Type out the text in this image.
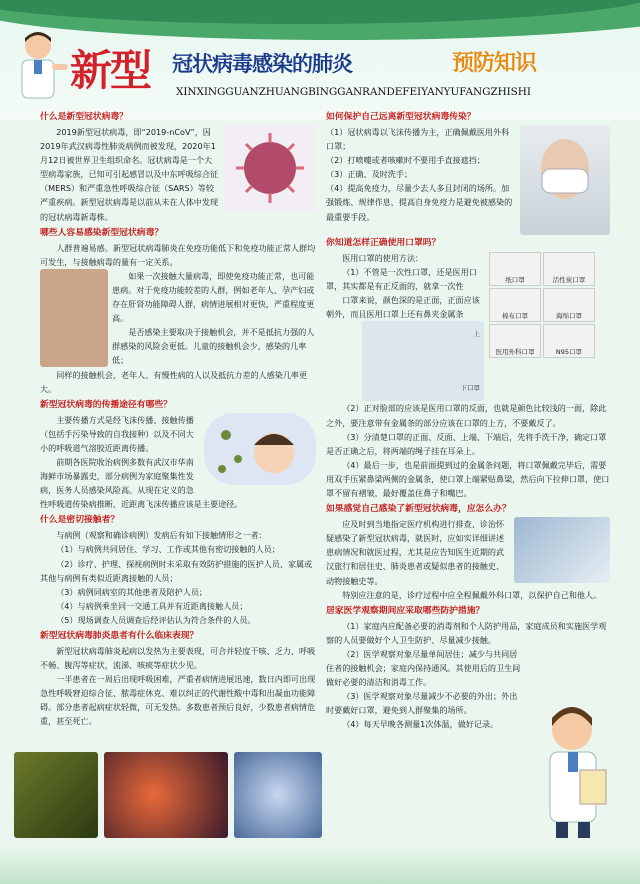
新型 冠状病毒感染的肺炎	预防知识
XINXINGGUANZHUANGBINGGANRANDEFEIYANYUFANGZHISHI
什么是新型冠状病毒？

2019新型冠状病毒，即“2019-nCoV”，因2019年武汉病毒性肺炎病例而被发现，2020年1月12日被世界卫生组织命名。冠状病毒是一个大型病毒家族，已知可引起感冒以及中东呼吸综合征（MERS）和严重急性呼吸综合征（SARS）等较严重疾病。新型冠状病毒是以前从未在人体中发现的冠状病毒新毒株。

哪些人容易感染新型冠状病毒？

人群普遍易感。新型冠状病毒肺炎在免疫功能低下和免疫功能正常人群均可发生，与接触病毒的量有一定关系。

如果一次接触大量病毒，即使免疫功能正常，也可能患病。对于免疫功能较差的人群，例如老年人、孕产妇或存在肝肾功能障碍人群，病情进展相对更快，严重程度更高。

是否感染主要取决于接触机会，并不是抵抗力强的人群感染的风险会更低。儿童的接触机会少，感染的几率低；

同样的接触机会，老年人、有慢性病的人以及抵抗力差的人感染几率更大。

新型冠状病毒的传播途径有哪些？

主要传播方式是经飞沫传播、接触传播（包括手污染导致的自我接种）以及不同大小的呼吸道气溶胶近距离传播。

前期各医院收治病例多数有武汉市华南海鲜市场暴露史，部分病例为家庭聚集性发病，医务人员感染风险高。从现在定义的急性呼吸道传染病推断，近距离飞沫传播应该是主要途径。

什么是密切接触者？

与病例（观察和确诊病例）发病后有如下接触情形之一者：

（1）与病例共同居住、学习、工作或其他有密切接触的人员；

（2）诊疗、护理、探视病例时未采取有效防护措施的医护人员、家属或其他与病例有类似近距离接触的人员；

（3）病例同病室的其他患者及陪护人员；

（4）与病例乘坐同一交通工具并有近距离接触人员；

（5）现场调查人员调查后经评估认为符合条件的人员。

新型冠状病毒肺炎患者有什么临床表现？

新型冠状病毒肺炎起病以发热为主要表现，可合并轻度干咳、乏力、呼吸不畅、腹泻等症状，流涕、咳痰等症状少见。

一半患者在一周后出现呼吸困难，严重者病情进展迅速，数日内即可出现急性呼吸窘迫综合征、脓毒症休克、难以纠正的代谢性酸中毒和出凝血功能障碍。部分患者起病症状轻微，可无发热。多数患者预后良好，少数患者病情危重，甚至死亡。

如何保护自己远离新型冠状病毒传染？

（1）冠状病毒以飞沫传播为主，正确佩戴医用外科口罩；

（2）打喷嚏或者咳嗽时不要用手直接遮挡；

（3）正确、及时洗手；

（4）提高免疫力，尽量少去人多且封闭的场所。加强锻炼、规律作息，提高自身免疫力是避免被感染的最重要手段。

你知道怎样正确使用口罩吗？
纸口罩	活性炭口罩 棉布口罩	海绵口罩 医用外科口罩	N95口罩

医用口罩的使用方法：

（1）不管是一次性口罩，还是医用口罩，其实都是有正反面的，就拿一次性

口罩来说，颜色深的是正面，正面应该朝外，而且医用口罩上还有鼻夹金属条

上
下口罩

（2）正对脸部的应该是医用口罩的反面，也就是颜色比较浅的一面，除此之外，要注意带有金属条的部分应该在口罩的上方，不要戴反了。

（3）分清楚口罩的正面、反面、上端、下端后，先将手洗干净，确定口罩是否正确之后，将两端的绳子挂在耳朵上。

（4）最后一步，也是前面提到过的金属条问题，将口罩佩戴完毕后，需要用双手压紧鼻梁两侧的金属条，使口罩上端紧贴鼻梁，然后向下拉伸口罩，使口罩不留有褶皱，最好覆盖住鼻子和嘴巴。

如果感觉自己感染了新型冠状病毒，应怎么办？

应及时到当地指定医疗机构进行排查、诊治怀疑感染了新型冠状病毒，就医时，应如实详细讲述患病情况和就医过程，尤其是应告知医生近期的武汉旅行和居住史、肺炎患者或疑似患者的接触史、动物接触史等。

特别应注意的是，诊疗过程中应全程佩戴外科口罩，以保护自己和他人。

居家医学观察期间应采取哪些防护措施？

（1）家庭内应配备必要的消毒剂和个人防护用品，家庭成员和实施医学观察的人员要做好个人卫生防护、尽量减少接触。

（2）医学观察对象尽量单间居住；减少与共同居住者的接触机会；家庭内保持通风。其使用后的卫生间做好必要的清洁和消毒工作。

（3）医学观察对象尽量减少不必要的外出；外出时要戴好口罩，避免到人群聚集的场所。

（4）每天早晚各测量1次体温，做好记录。
